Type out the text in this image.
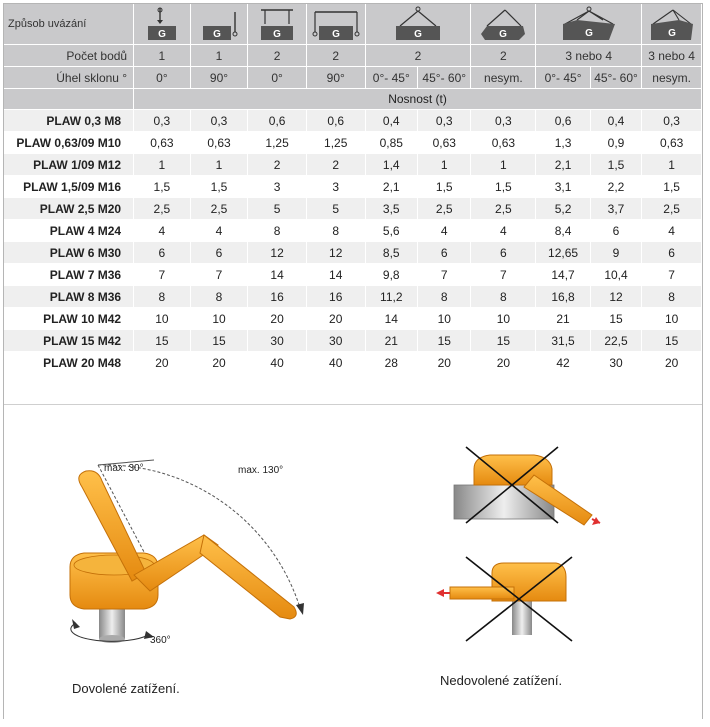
Způsob uvázání	G	G	G	G	G		G	G		G

Počet bodů	1	1	2	2	2		2	3 nebo 4		3 nebo 4
Úhel sklonu °	0°	90°	0°	90°	0°- 45°	45°- 60°	nesym.	0°- 45°	45°- 60°	nesym.
	Nosnost (t)									
PLAW 0,3 M8	0,3	0,3	0,6	0,6	0,4	0,3	0,3	0,6	0,4	0,3
PLAW 0,63/09 M10	0,63	0,63	1,25	1,25	0,85	0,63	0,63	1,3	0,9	0,63
PLAW 1/09 M12	1	1	2	2	1,4	1	1	2,1	1,5	1
PLAW 1,5/09 M16	1,5	1,5	3	3	2,1	1,5	1,5	3,1	2,2	1,5
PLAW 2,5 M20	2,5	2,5	5	5	3,5	2,5	2,5	5,2	3,7	2,5
PLAW 4 M24	4	4	8	8	5,6	4	4	8,4	6	4
PLAW 6 M30	6	6	12	12	8,5	6	6	12,65	9	6
PLAW 7 M36	7	7	14	14	9,8	7	7	14,7	10,4	7
PLAW 8 M36	8	8	16	16	11,2	8	8	16,8	12	8
PLAW 10 M42	10	10	20	20	14	10	10	21	15	10
PLAW 15 M42	15	15	30	30	21	15	15	31,5	22,5	15
PLAW 20 M48	20	20	40	40	28	20	20	42	30	20
max. 30°	max. 130°
360°
Dovolené zatížení.
Nedovolené zatížení.
